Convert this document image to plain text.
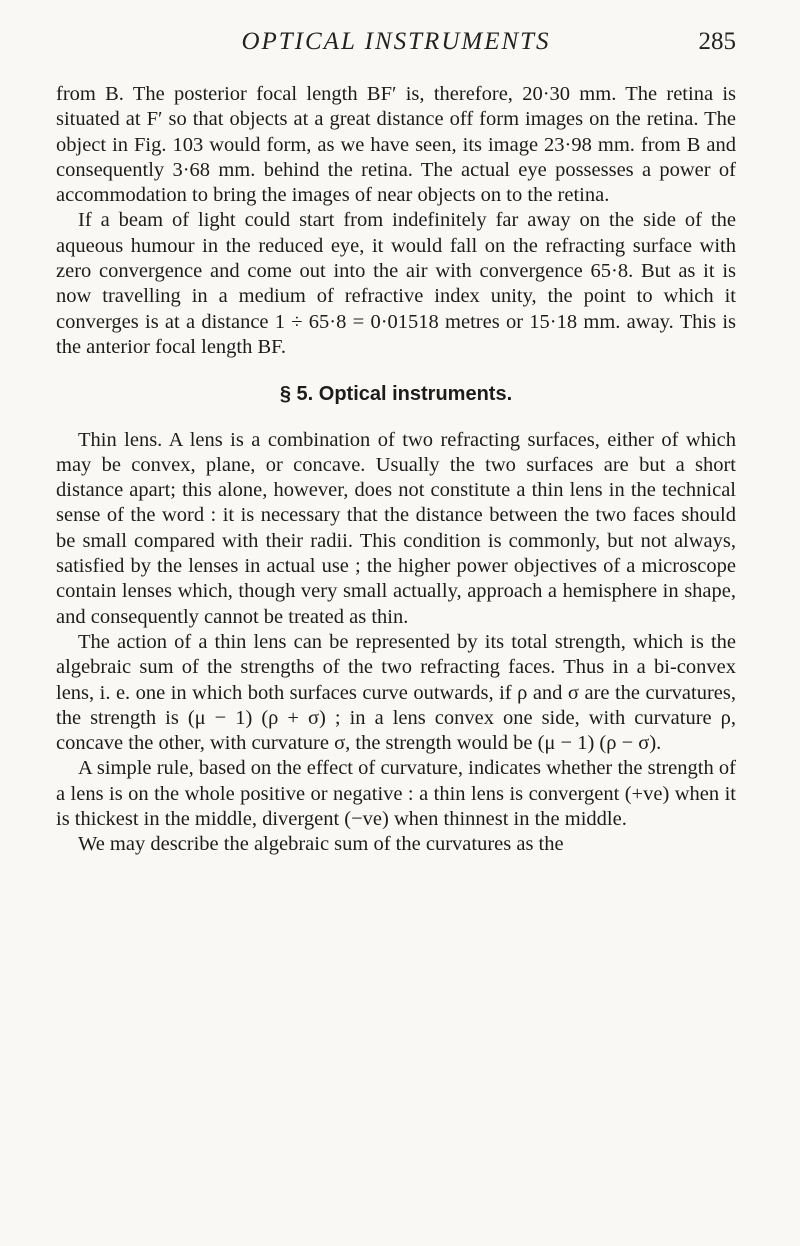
OPTICAL INSTRUMENTS	285

from B. The posterior focal length BF′ is, therefore, 20·30 mm. The retina is situated at F′ so that objects at a great distance off form images on the retina. The object in Fig. 103 would form, as we have seen, its image 23·98 mm. from B and consequently 3·68 mm. behind the retina. The actual eye possesses a power of accommodation to bring the images of near objects on to the retina.

If a beam of light could start from indefinitely far away on the side of the aqueous humour in the reduced eye, it would fall on the refracting surface with zero convergence and come out into the air with convergence 65·8. But as it is now travelling in a medium of refractive index unity, the point to which it converges is at a distance 1 ÷ 65·8 = 0·01518 metres or 15·18 mm. away. This is the anterior focal length BF.

§ 5. Optical instruments.

Thin lens. A lens is a combination of two refracting surfaces, either of which may be convex, plane, or concave. Usually the two surfaces are but a short distance apart; this alone, however, does not constitute a thin lens in the technical sense of the word : it is necessary that the distance between the two faces should be small compared with their radii. This condition is commonly, but not always, satisfied by the lenses in actual use ; the higher power objectives of a microscope contain lenses which, though very small actually, approach a hemisphere in shape, and consequently cannot be treated as thin.

The action of a thin lens can be represented by its total strength, which is the algebraic sum of the strengths of the two refracting faces. Thus in a bi-convex lens, i. e. one in which both surfaces curve outwards, if ρ and σ are the curvatures, the strength is (μ − 1) (ρ + σ) ; in a lens convex one side, with curvature ρ, concave the other, with curvature σ, the strength would be (μ − 1) (ρ − σ).

A simple rule, based on the effect of curvature, indicates whether the strength of a lens is on the whole positive or negative : a thin lens is convergent (+ve) when it is thickest in the middle, divergent (−ve) when thinnest in the middle.

We may describe the algebraic sum of the curvatures as the
